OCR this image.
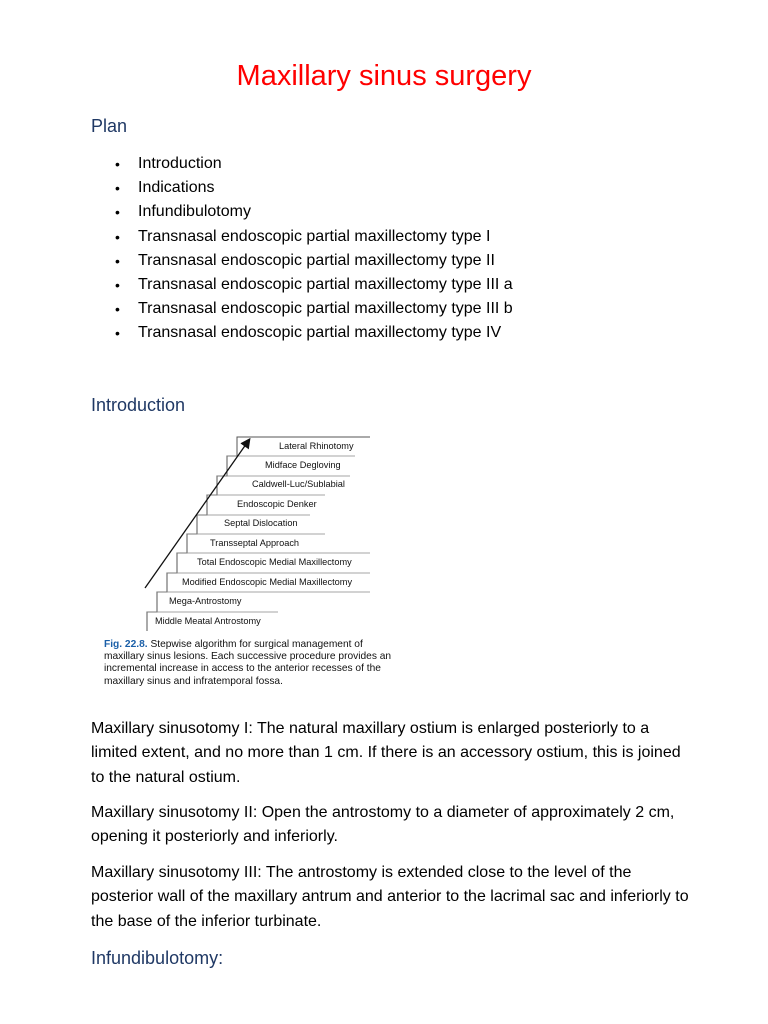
Maxillary sinus surgery
Plan
• Introduction
• Indications
• Infundibulotomy
• Transnasal endoscopic partial maxillectomy type I
• Transnasal endoscopic partial maxillectomy type II
• Transnasal endoscopic partial maxillectomy type III a
• Transnasal endoscopic partial maxillectomy type III b
• Transnasal endoscopic partial maxillectomy type IV
Introduction
Lateral Rhinotomy
Midface Degloving
Caldwell-Luc/Sublabial
Endoscopic Denker
Septal Dislocation
Transseptal Approach
Total Endoscopic Medial Maxillectomy
Modified Endoscopic Medial Maxillectomy
Mega-Antrostomy
Middle Meatal Antrostomy
Fig. 22.8. Stepwise algorithm for surgical management of maxillary sinus lesions. Each successive procedure provides an incremental increase in access to the anterior recesses of the maxillary sinus and infratemporal fossa.

Maxillary sinusotomy I: The natural maxillary ostium is enlarged posteriorly to a limited extent, and no more than 1 cm. If there is an accessory ostium, this is joined to the natural ostium.

Maxillary sinusotomy II: Open the antrostomy to a diameter of approximately 2 cm, opening it posteriorly and inferiorly.

Maxillary sinusotomy III: The antrostomy is extended close to the level of the posterior wall of the maxillary antrum and anterior to the lacrimal sac and inferiorly to the base of the inferior turbinate.

Infundibulotomy:
